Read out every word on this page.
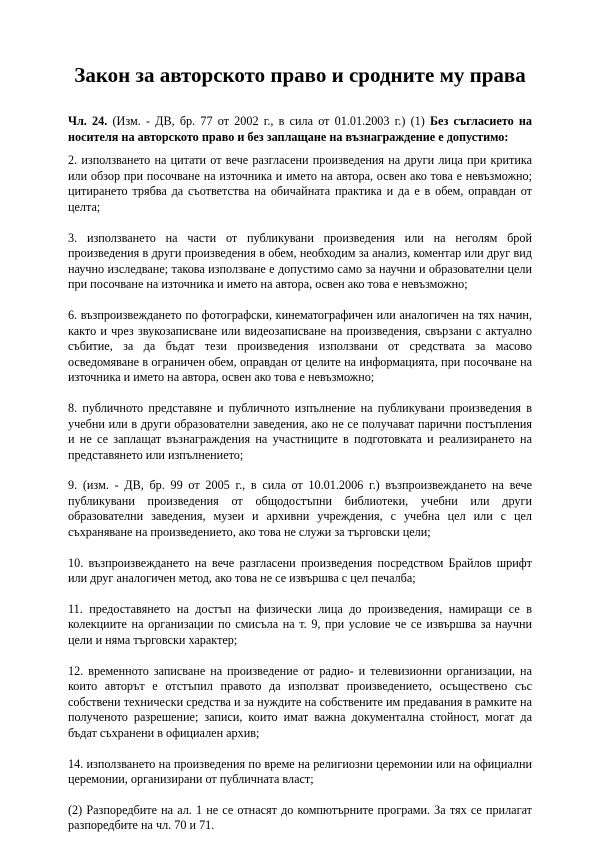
Закон за авторското право и сродните му права

Чл. 24. (Изм. - ДВ, бр. 77 от 2002 г., в сила от 01.01.2003 г.) (1) Без съгласието на носителя на авторското право и без заплащане на възнаграждение е допустимо:

2. използването на цитати от вече разгласени произведения на други лица при критика или обзор при посочване на източника и името на автора, освен ако това е невъзможно; цитирането трябва да съответства на обичайната практика и да е в обем, оправдан от целта;

3. използването на части от публикувани произведения или на неголям брой произведения в други произведения в обем, необходим за анализ, коментар или друг вид научно изследване; такова използване е допустимо само за научни и образователни цели при посочване на източника и името на автора, освен ако това е невъзможно;

6. възпроизвеждането по фотографски, кинематографичен или аналогичен на тях начин, както и чрез звукозаписване или видеозаписване на произведения, свързани с актуално събитие, за да бъдат тези произведения използвани от средствата за масово осведомяване в ограничен обем, оправдан от целите на информацията, при посочване на източника и името на автора, освен ако това е невъзможно;

8. публичното представяне и публичното изпълнение на публикувани произведения в учебни или в други образователни заведения, ако не се получават парични постъпления и не се заплащат възнаграждения на участниците в подготовката и реализирането на представянето или изпълнението;

9. (изм. - ДВ, бр. 99 от 2005 г., в сила от 10.01.2006 г.) възпроизвеждането на вече публикувани произведения от общодостъпни библиотеки, учебни или други образователни заведения, музеи и архивни учреждения, с учебна цел или с цел съхраняване на произведението, ако това не служи за търговски цели;

10. възпроизвеждането на вече разгласени произведения посредством Брайлов шрифт или друг аналогичен метод, ако това не се извършва с цел печалба;

11. предоставянето на достъп на физически лица до произведения, намиращи се в колекциите на организации по смисъла на т. 9, при условие че се извършва за научни цели и няма търговски характер;

12. временното записване на произведение от радио- и телевизионни организации, на които авторът е отстъпил правото да използват произведението, осъществено със собствени технически средства и за нуждите на собствените им предавания в рамките на полученото разрешение; записи, които имат важна документална стойност, могат да бъдат съхранени в официален архив;

14. използването на произведения по време на религиозни церемонии или на официални церемонии, организирани от публичната власт;

(2) Разпоредбите на ал. 1 не се отнасят до компютърните програми. За тях се прилагат разпоредбите на чл. 70 и 71.
